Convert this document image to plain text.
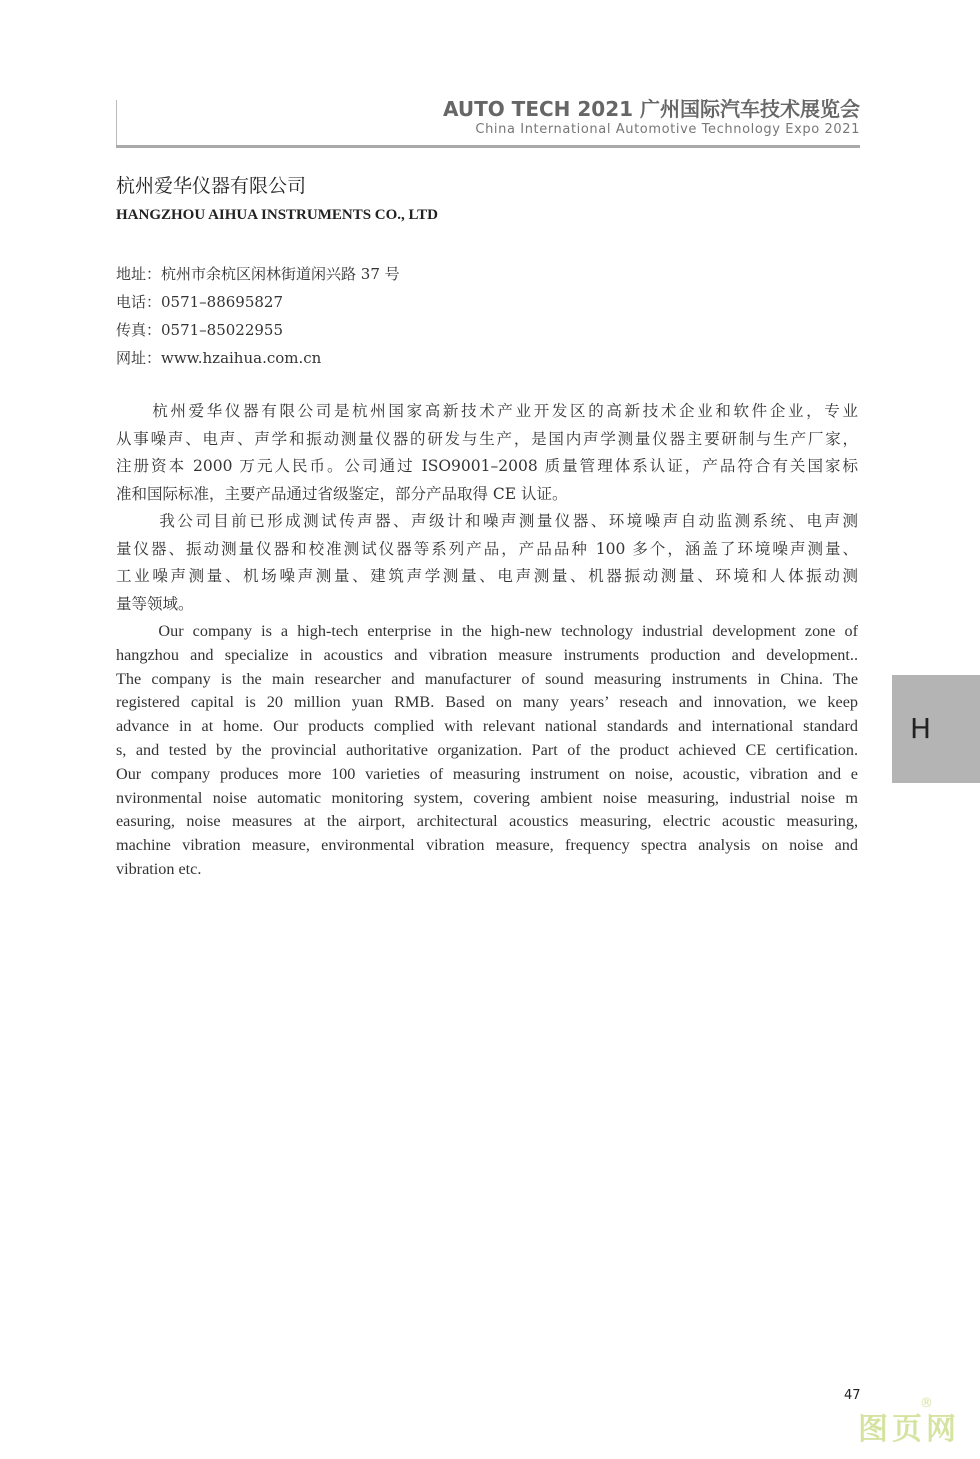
AUTO TECH 2021 广州国际汽车技术展览会
China International Automotive Technology Expo 2021
杭州爱华仪器有限公司
HANGZHOU AIHUA INSTRUMENTS CO., LTD
地址：杭州市余杭区闲林街道闲兴路 37 号
电话：0571–88695827
传真：0571–85022955
网址：www.hzaihua.com.cn
　　杭州爱华仪器有限公司是杭州国家高新技术产业开发区的高新技术企业和软件企业，专业
从事噪声、电声、声学和振动测量仪器的研发与生产，是国内声学测量仪器主要研制与生产厂家，
注册资本 2000 万元人民币。公司通过 ISO9001–2008 质量管理体系认证，产品符合有关国家标
准和国际标准，主要产品通过省级鉴定，部分产品取得 CE 认证。
　　 我公司目前已形成测试传声器、声级计和噪声测量仪器、环境噪声自动监测系统、电声测
量仪器、振动测量仪器和校准测试仪器等系列产品，产品品种 100 多个，涵盖了环境噪声测量、
工业噪声测量、机场噪声测量、建筑声学测量、电声测量、机器振动测量、环境和人体振动测
量等领域。
　　Our company is a high-tech enterprise in the high-new technology industrial development zone of
hangzhou and specialize in acoustics and vibration measure instruments production and development..
The company is the main researcher and manufacturer of sound measuring instruments in China. The
registered capital is 20 million yuan RMB. Based on many years’ reseach and innovation, we keep
advance in at home. Our products complied with relevant national standards and international standard
s, and tested by the provincial authoritative organization. Part of the product achieved CE certification.
Our company produces more 100 varieties of measuring instrument on noise, acoustic, vibration and e
nvironmental noise automatic monitoring system, covering ambient noise measuring, industrial noise m
easuring, noise measures at the airport, architectural acoustics measuring, electric acoustic measuring,
machine vibration measure, environmental vibration measure, frequency spectra analysis on noise and
vibration etc.
H
47
图页网
®
